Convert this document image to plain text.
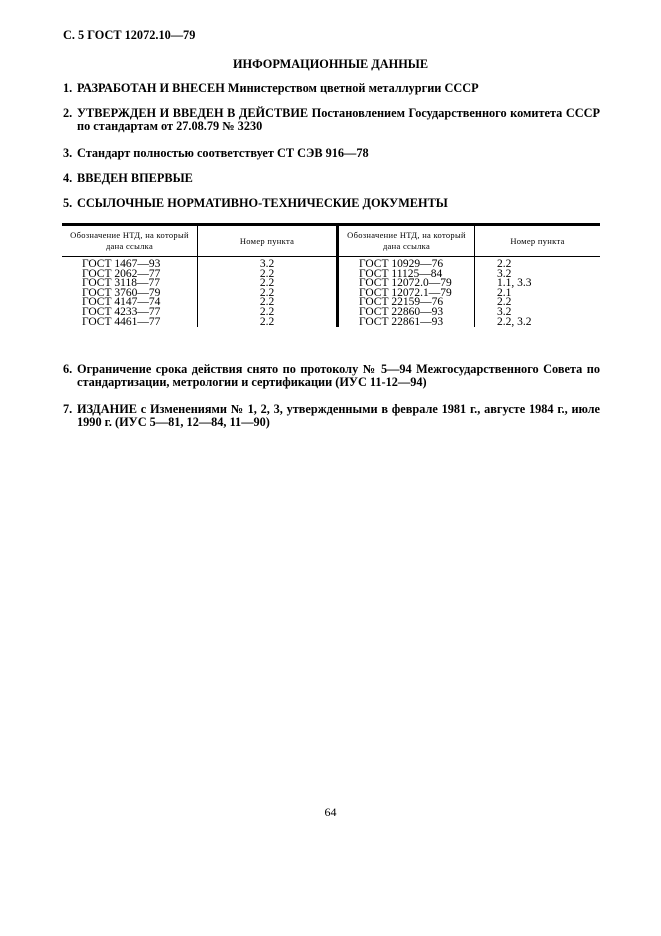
С. 5 ГОСТ 12072.10—79
ИНФОРМАЦИОННЫЕ ДАННЫЕ
Обозначение НТД, на который дана ссылка	Номер пункта	Обозначение НТД, на который дана ссылка	Номер пункта
ГОСТ 1467—93	3.2	ГОСТ 10929—76	2.2
ГОСТ 2062—77	2.2	ГОСТ 11125—84	3.2
ГОСТ 3118—77	2.2	ГОСТ 12072.0—79	1.1, 3.3
ГОСТ 3760—79	2.2	ГОСТ 12072.1—79	2.1
ГОСТ 4147—74	2.2	ГОСТ 22159—76	2.2
ГОСТ 4233—77	2.2	ГОСТ 22860—93	3.2
ГОСТ 4461—77	2.2	ГОСТ 22861—93	2.2, 3.2
64
1. РАЗРАБОТАН И ВНЕСЕН Министерством цветной металлургии СССР
2. УТВЕРЖДЕН И ВВЕДЕН В ДЕЙСТВИЕ Постановлением Государственного комитета СССР по стандартам от 27.08.79 № 3230
3. Стандарт полностью соответствует СТ СЭВ 916—78
4. ВВЕДЕН ВПЕРВЫЕ
5. ССЫЛОЧНЫЕ НОРМАТИВНО-ТЕХНИЧЕСКИЕ ДОКУМЕНТЫ
6. Ограничение срока действия снято по протоколу № 5—94 Межгосударственного Совета по стандартизации, метрологии и сертификации (ИУС 11-12—94)
7. ИЗДАНИЕ с Изменениями № 1, 2, 3, утвержденными в феврале 1981 г., августе 1984 г., июле 1990 г. (ИУС 5—81, 12—84, 11—90)
